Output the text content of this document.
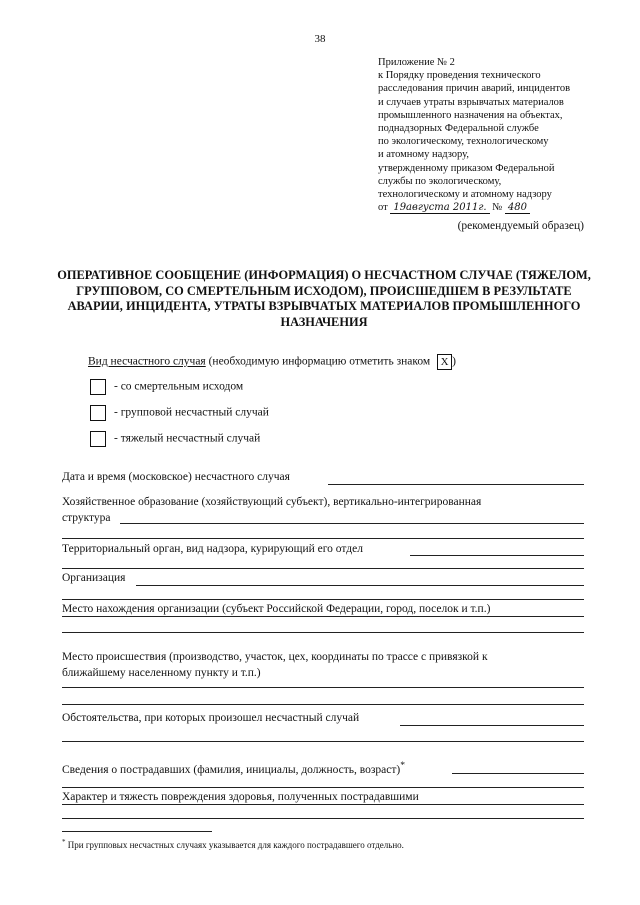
38
Приложение № 2
к Порядку проведения технического
расследования причин аварий, инцидентов
и случаев утраты взрывчатых материалов
промышленного назначения на объектах,
поднадзорных Федеральной службе
по экологическому, технологическому
и атомному надзору,
утвержденному приказом Федеральной
службы по экологическому,
технологическому и атомному надзору
от 19августа 2011г. № 480
(рекомендуемый образец)
ОПЕРАТИВНОЕ СООБЩЕНИЕ (ИНФОРМАЦИЯ) О НЕСЧАСТНОМ СЛУЧАЕ (ТЯЖЕЛОМ, ГРУППОВОМ, СО СМЕРТЕЛЬНЫМ ИСХОДОМ), ПРОИСШЕДШЕМ В РЕЗУЛЬТАТЕ АВАРИИ, ИНЦИДЕНТА, УТРАТЫ ВЗРЫВЧАТЫХ МАТЕРИАЛОВ ПРОМЫШЛЕННОГО НАЗНАЧЕНИЯ
Вид несчастного случая (необходимую информацию отметить знаком X )
- со смертельным исходом
- групповой несчастный случай
- тяжелый несчастный случай
Дата и время (московское) несчастного случая
Хозяйственное образование (хозяйствующий субъект), вертикально-интегрированная
структура
Территориальный орган, вид надзора, курирующий его отдел
Организация
Место нахождения организации (субъект Российской Федерации, город, поселок и т.п.)
Место происшествия (производство, участок, цех, координаты по трассе с привязкой к
ближайшему населенному пункту и т.п.)
Обстоятельства, при которых произошел несчастный случай
Сведения о пострадавших (фамилия, инициалы, должность, возраст)*
Характер и тяжесть повреждения здоровья, полученных пострадавшими
* При групповых несчастных случаях указывается для каждого пострадавшего отдельно.
